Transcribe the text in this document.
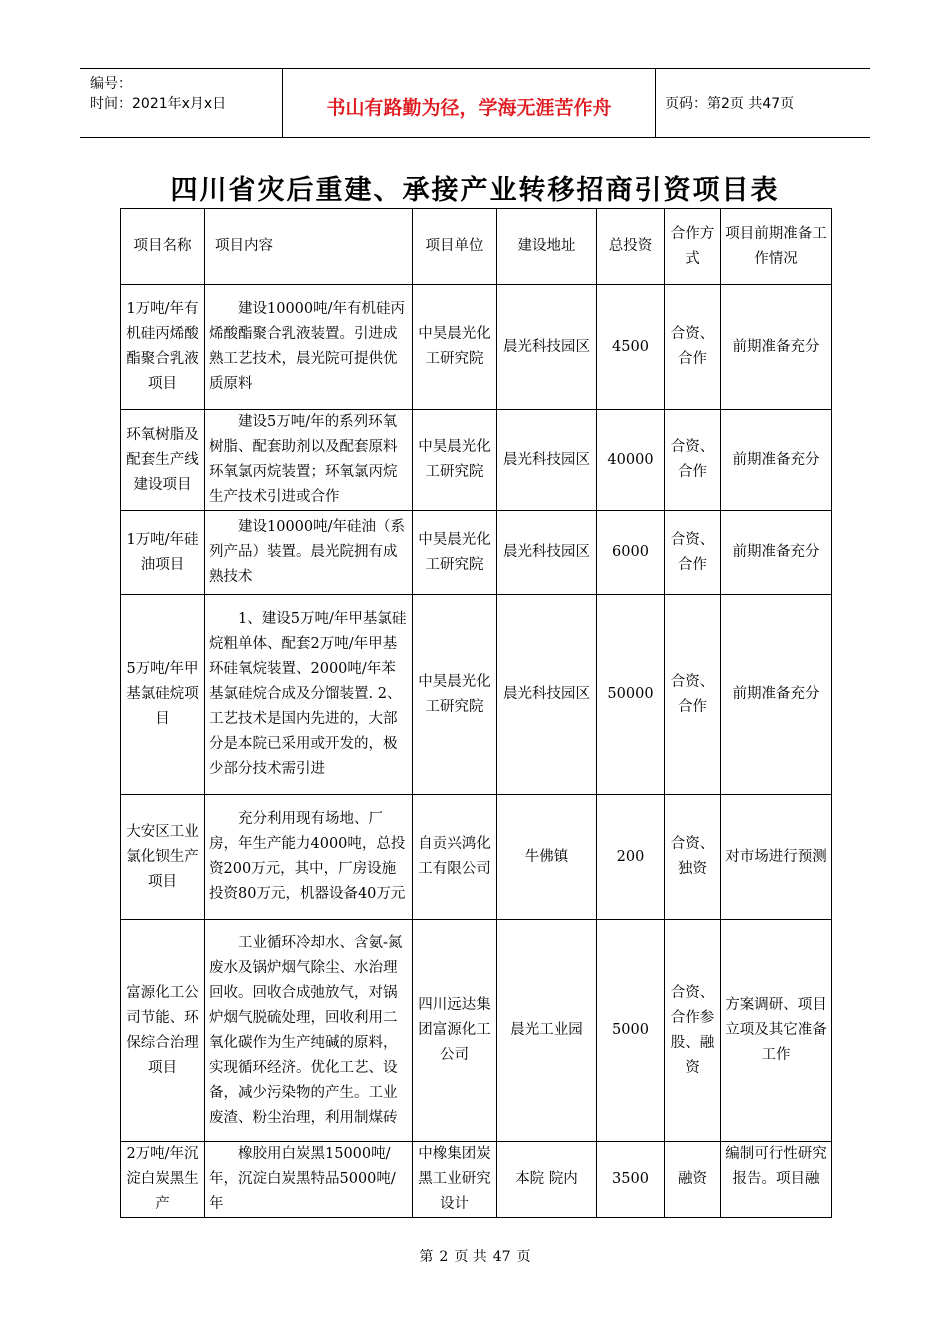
编号：
时间：2021年x月x日	书山有路勤为径，学海无涯苦作舟	页码：第2页 共47页
四川省灾后重建、承接产业转移招商引资项目表
项目名称	项目内容	项目单位	建设地址	总投资	合作方式	项目前期准备工作情况
1万吨/年有机硅丙烯酸酯聚合乳液项目	建设10000吨/年有机硅丙烯酸酯聚合乳液装置。引进成熟工艺技术，晨光院可提供优质原料	中昊晨光化工研究院	晨光科技园区	4500	合资、合作	前期准备充分
环氧树脂及配套生产线建设项目	建设5万吨/年的系列环氧树脂、配套助剂以及配套原料环氧氯丙烷装置；环氧氯丙烷生产技术引进或合作	中昊晨光化工研究院	晨光科技园区	40000	合资、合作	前期准备充分
1万吨/年硅油项目	建设10000吨/年硅油（系列产品）装置。晨光院拥有成熟技术	中昊晨光化工研究院	晨光科技园区	6000	合资、合作	前期准备充分
5万吨/年甲基氯硅烷项目	1、建设5万吨/年甲基氯硅烷粗单体、配套2万吨/年甲基环硅氧烷装置、2000吨/年苯基氯硅烷合成及分馏装置. 2、工艺技术是国内先进的，大部分是本院已采用或开发的，极少部分技术需引进	中昊晨光化工研究院	晨光科技园区	50000	合资、合作	前期准备充分
大安区工业氯化钡生产项目	充分利用现有场地、厂房，年生产能力4000吨，总投资200万元，其中，厂房设施投资80万元，机器设备40万元	自贡兴鸿化工有限公司	牛佛镇	200	合资、独资	对市场进行预测
富源化工公司节能、环保综合治理项目	工业循环冷却水、含氨-氮废水及锅炉烟气除尘、水治理回收。回收合成弛放气，对锅炉烟气脱硫处理，回收利用二氧化碳作为生产纯碱的原料，实现循环经济。优化工艺、设备，减少污染物的产生。工业废渣、粉尘治理，利用制煤砖	四川远达集团富源化工公司	晨光工业园	5000	合资、合作参股、融资	方案调研、项目立项及其它准备工作
2万吨/年沉淀白炭黑生产	橡胶用白炭黑15000吨/年，沉淀白炭黑特品5000吨/年	中橡集团炭黑工业研究设计	本院 院内	3500	融资	编制可行性研究报告。项目融
第 2 页 共 47 页
